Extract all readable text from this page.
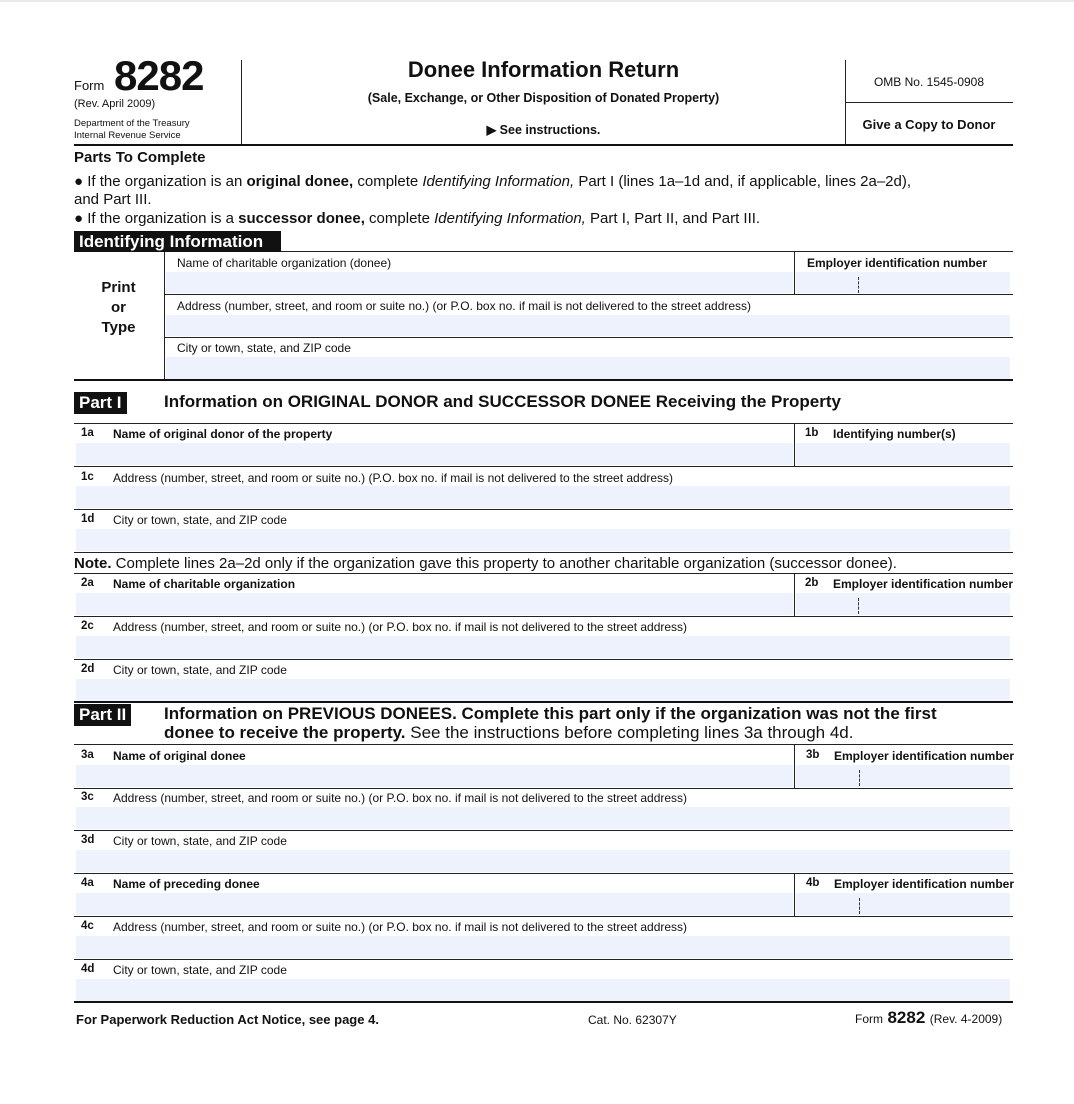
Form 8282
(Rev. April 2009)
Department of the Treasury
Internal Revenue Service
Donee Information Return
(Sale, Exchange, or Other Disposition of Donated Property)
▶ See instructions.
OMB No. 1545-0908
Give a Copy to Donor
Parts To Complete
● If the organization is an original donee, complete Identifying Information, Part I (lines 1a–1d and, if applicable, lines 2a–2d),
and Part III.
● If the organization is a successor donee, complete Identifying Information, Part I, Part II, and Part III.
Identifying Information
Print
or
Type
Name of charitable organization (donee)	Employer identification number
Address (number, street, and room or suite no.) (or P.O. box no. if mail is not delivered to the street address)
City or town, state, and ZIP code
Part I Information on ORIGINAL DONOR and SUCCESSOR DONEE Receiving the Property
1a Name of original donor of the property	1b Identifying number(s)
1c Address (number, street, and room or suite no.) (P.O. box no. if mail is not delivered to the street address)
1d City or town, state, and ZIP code
Note. Complete lines 2a–2d only if the organization gave this property to another charitable organization (successor donee).
2a Name of charitable organization	2b Employer identification number
2c Address (number, street, and room or suite no.) (or P.O. box no. if mail is not delivered to the street address)
2d City or town, state, and ZIP code
Part II Information on PREVIOUS DONEES. Complete this part only if the organization was not the first
donee to receive the property. See the instructions before completing lines 3a through 4d.
3a Name of original donee	3b Employer identification number
3c Address (number, street, and room or suite no.) (or P.O. box no. if mail is not delivered to the street address)
3d City or town, state, and ZIP code
4a Name of preceding donee	4b Employer identification number
4c Address (number, street, and room or suite no.) (or P.O. box no. if mail is not delivered to the street address)
4d City or town, state, and ZIP code
For Paperwork Reduction Act Notice, see page 4.	Cat. No. 62307Y	Form 8282 (Rev. 4-2009)
